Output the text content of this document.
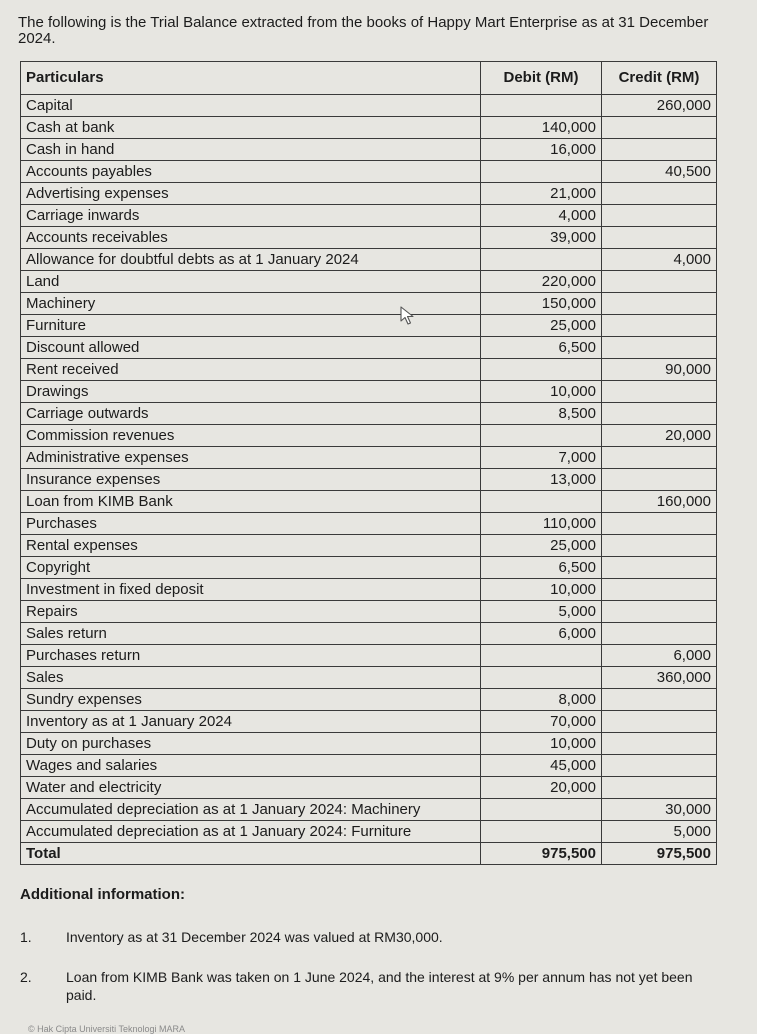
The following is the Trial Balance extracted from the books of Happy Mart Enterprise as at 31 December 2024.
Particulars	Debit (RM)	Credit (RM)
Capital		260,000
Cash at bank	140,000	
Cash in hand	16,000	
Accounts payables		40,500
Advertising expenses	21,000	
Carriage inwards	4,000	
Accounts receivables	39,000	
Allowance for doubtful debts as at 1 January 2024		4,000
Land	220,000	
Machinery	150,000	
Furniture	25,000	
Discount allowed	6,500	
Rent received		90,000
Drawings	10,000	
Carriage outwards	8,500	
Commission revenues		20,000
Administrative expenses	7,000	
Insurance expenses	13,000	
Loan from KIMB Bank		160,000
Purchases	110,000	
Rental expenses	25,000	
Copyright	6,500	
Investment in fixed deposit	10,000	
Repairs	5,000	
Sales return	6,000	
Purchases return		6,000
Sales		360,000
Sundry expenses	8,000	
Inventory as at 1 January 2024	70,000	
Duty on purchases	10,000	
Wages and salaries	45,000	
Water and electricity	20,000	
Accumulated depreciation as at 1 January 2024: Machinery		30,000
Accumulated depreciation as at 1 January 2024: Furniture		5,000
Total	975,500	975,500
Additional information:
1. Inventory as at 31 December 2024 was valued at RM30,000.
2. Loan from KIMB Bank was taken on 1 June 2024, and the interest at 9% per annum has not yet been paid.
© Hak Cipta Universiti Teknologi MARA
